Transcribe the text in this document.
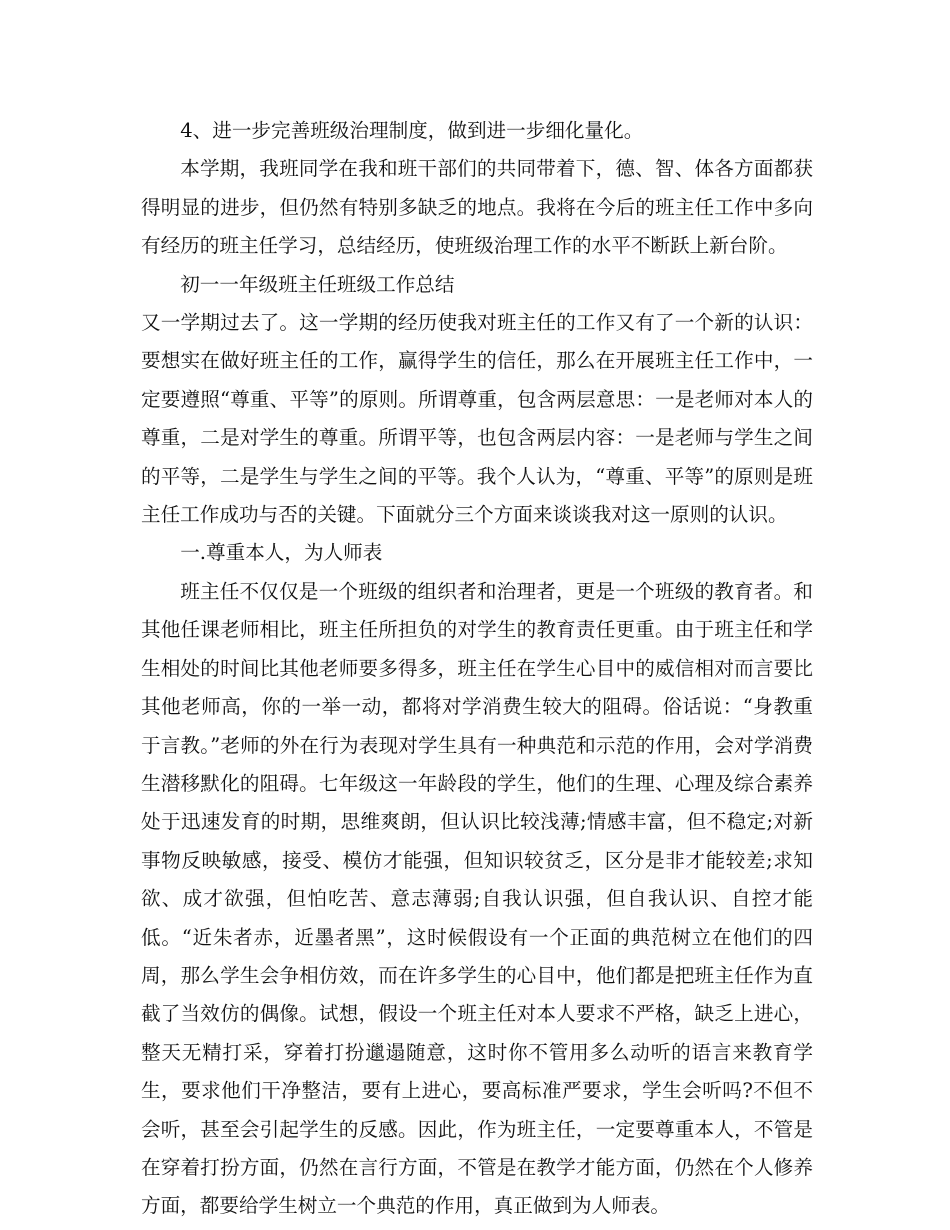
4、进一步完善班级治理制度，做到进一步细化量化。

本学期，我班同学在我和班干部们的共同带着下，德、智、体各方面都获得明显的进步，但仍然有特别多缺乏的地点。我将在今后的班主任工作中多向有经历的班主任学习，总结经历，使班级治理工作的水平不断跃上新台阶。

初一一年级班主任班级工作总结

又一学期过去了。这一学期的经历使我对班主任的工作又有了一个新的认识：要想实在做好班主任的工作，赢得学生的信任，那么在开展班主任工作中，一定要遵照“尊重、平等”的原则。所谓尊重，包含两层意思：一是老师对本人的尊重，二是对学生的尊重。所谓平等，也包含两层内容：一是老师与学生之间的平等，二是学生与学生之间的平等。我个人认为，“尊重、平等”的原则是班主任工作成功与否的关键。下面就分三个方面来谈谈我对这一原则的认识。

一.尊重本人，为人师表

班主任不仅仅是一个班级的组织者和治理者，更是一个班级的教育者。和其他任课老师相比，班主任所担负的对学生的教育责任更重。由于班主任和学生相处的时间比其他老师要多得多，班主任在学生心目中的威信相对而言要比其他老师高，你的一举一动，都将对学消费生较大的阻碍。俗话说：“身教重于言教。”老师的外在行为表现对学生具有一种典范和示范的作用，会对学消费生潜移默化的阻碍。七年级这一年龄段的学生，他们的生理、心理及综合素养处于迅速发育的时期，思维爽朗，但认识比较浅薄;情感丰富，但不稳定;对新事物反映敏感，接受、模仿才能强，但知识较贫乏，区分是非才能较差;求知欲、成才欲强，但怕吃苦、意志薄弱;自我认识强，但自我认识、自控才能低。“近朱者赤，近墨者黑”，这时候假设有一个正面的典范树立在他们的四周，那么学生会争相仿效，而在许多学生的心目中，他们都是把班主任作为直截了当效仿的偶像。试想，假设一个班主任对本人要求不严格，缺乏上进心，整天无精打采，穿着打扮邋遢随意，这时你不管用多么动听的语言来教育学生，要求他们干净整洁，要有上进心，要高标准严要求，学生会听吗?不但不会听，甚至会引起学生的反感。因此，作为班主任，一定要尊重本人，不管是在穿着打扮方面，仍然在言行方面，不管是在教学才能方面，仍然在个人修养方面，都要给学生树立一个典范的作用，真正做到为人师表。
